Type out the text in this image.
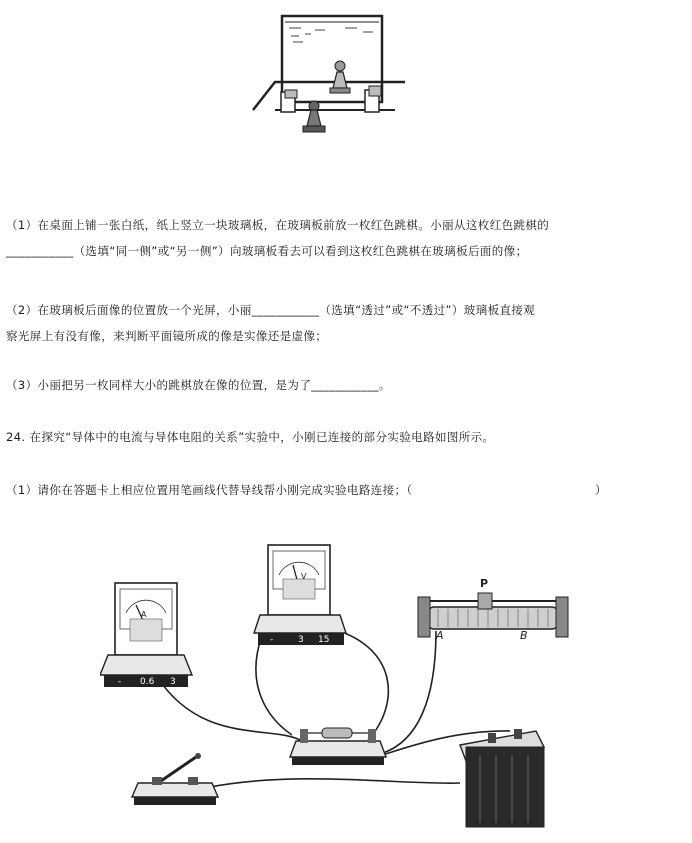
（1）在桌面上铺一张白纸，纸上竖立一块玻璃板，在玻璃板前放一枚红色跳棋。小丽从这枚红色跳棋的
___________（选填“同一侧”或“另一侧”）向玻璃板看去可以看到这枚红色跳棋在玻璃板后面的像；
（2）在玻璃板后面像的位置放一个光屏，小丽___________（选填“透过”或“不透过”）玻璃板直接观
察光屏上有没有像，来判断平面镜所成的像是实像还是虚像；
（3）小丽把另一枚同样大小的跳棋放在像的位置，是为了___________。
24. 在探究“导体中的电流与导体电阻的关系”实验中，小刚已连接的部分实验电路如图所示。
（1）请你在答题卡上相应位置用笔画线代替导线帮小刚完成实验电路连接；（	）
A
- 0.6 3
V
-	3 15
P
A	B
